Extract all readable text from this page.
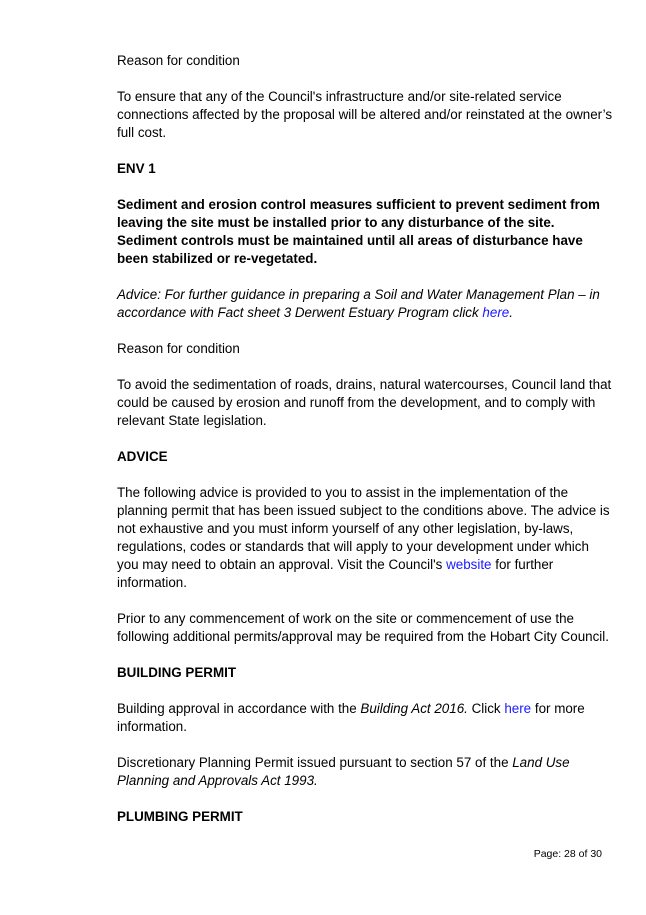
Reason for condition

To ensure that any of the Council's infrastructure and/or site-related service connections affected by the proposal will be altered and/or reinstated at the owner’s full cost.

ENV 1

Sediment and erosion control measures sufficient to prevent sediment from leaving the site must be installed prior to any disturbance of the site. Sediment controls must be maintained until all areas of disturbance have been stabilized or re-vegetated.

Advice: For further guidance in preparing a Soil and Water Management Plan – in accordance with Fact sheet 3 Derwent Estuary Program click here.

Reason for condition

To avoid the sedimentation of roads, drains, natural watercourses, Council land that could be caused by erosion and runoff from the development, and to comply with relevant State legislation.

ADVICE

The following advice is provided to you to assist in the implementation of the planning permit that has been issued subject to the conditions above. The advice is not exhaustive and you must inform yourself of any other legislation, by-laws, regulations, codes or standards that will apply to your development under which you may need to obtain an approval. Visit the Council's website for further information.

Prior to any commencement of work on the site or commencement of use the following additional permits/approval may be required from the Hobart City Council.

BUILDING PERMIT

Building approval in accordance with the Building Act 2016. Click here for more information.

Discretionary Planning Permit issued pursuant to section 57 of the Land Use Planning and Approvals Act 1993.

PLUMBING PERMIT

Page: 28 of 30
